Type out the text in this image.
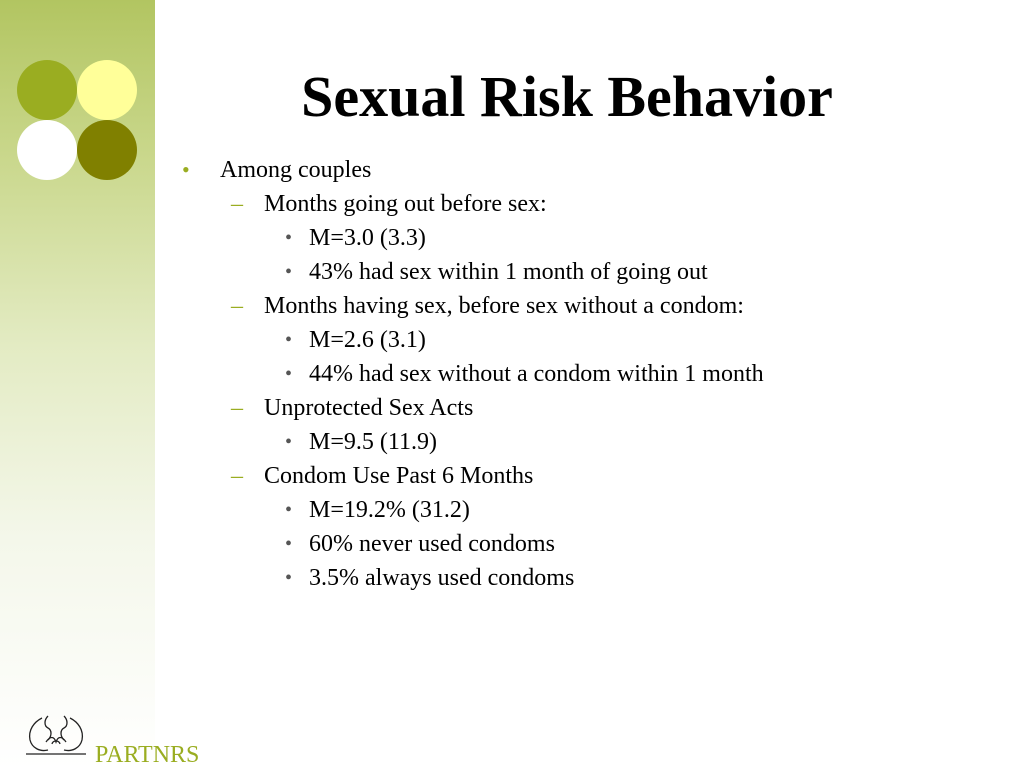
Sexual Risk Behavior
• Among couples
– Months going out before sex:
• M=3.0 (3.3)
• 43% had sex within 1 month of going out
– Months having sex, before sex without a condom:
• M=2.6 (3.1)
• 44% had sex without a condom within 1 month
– Unprotected Sex Acts
• M=9.5 (11.9)
– Condom Use Past 6 Months
• M=19.2% (31.2)
• 60% never used condoms
• 3.5% always used condoms
PARTNRS
